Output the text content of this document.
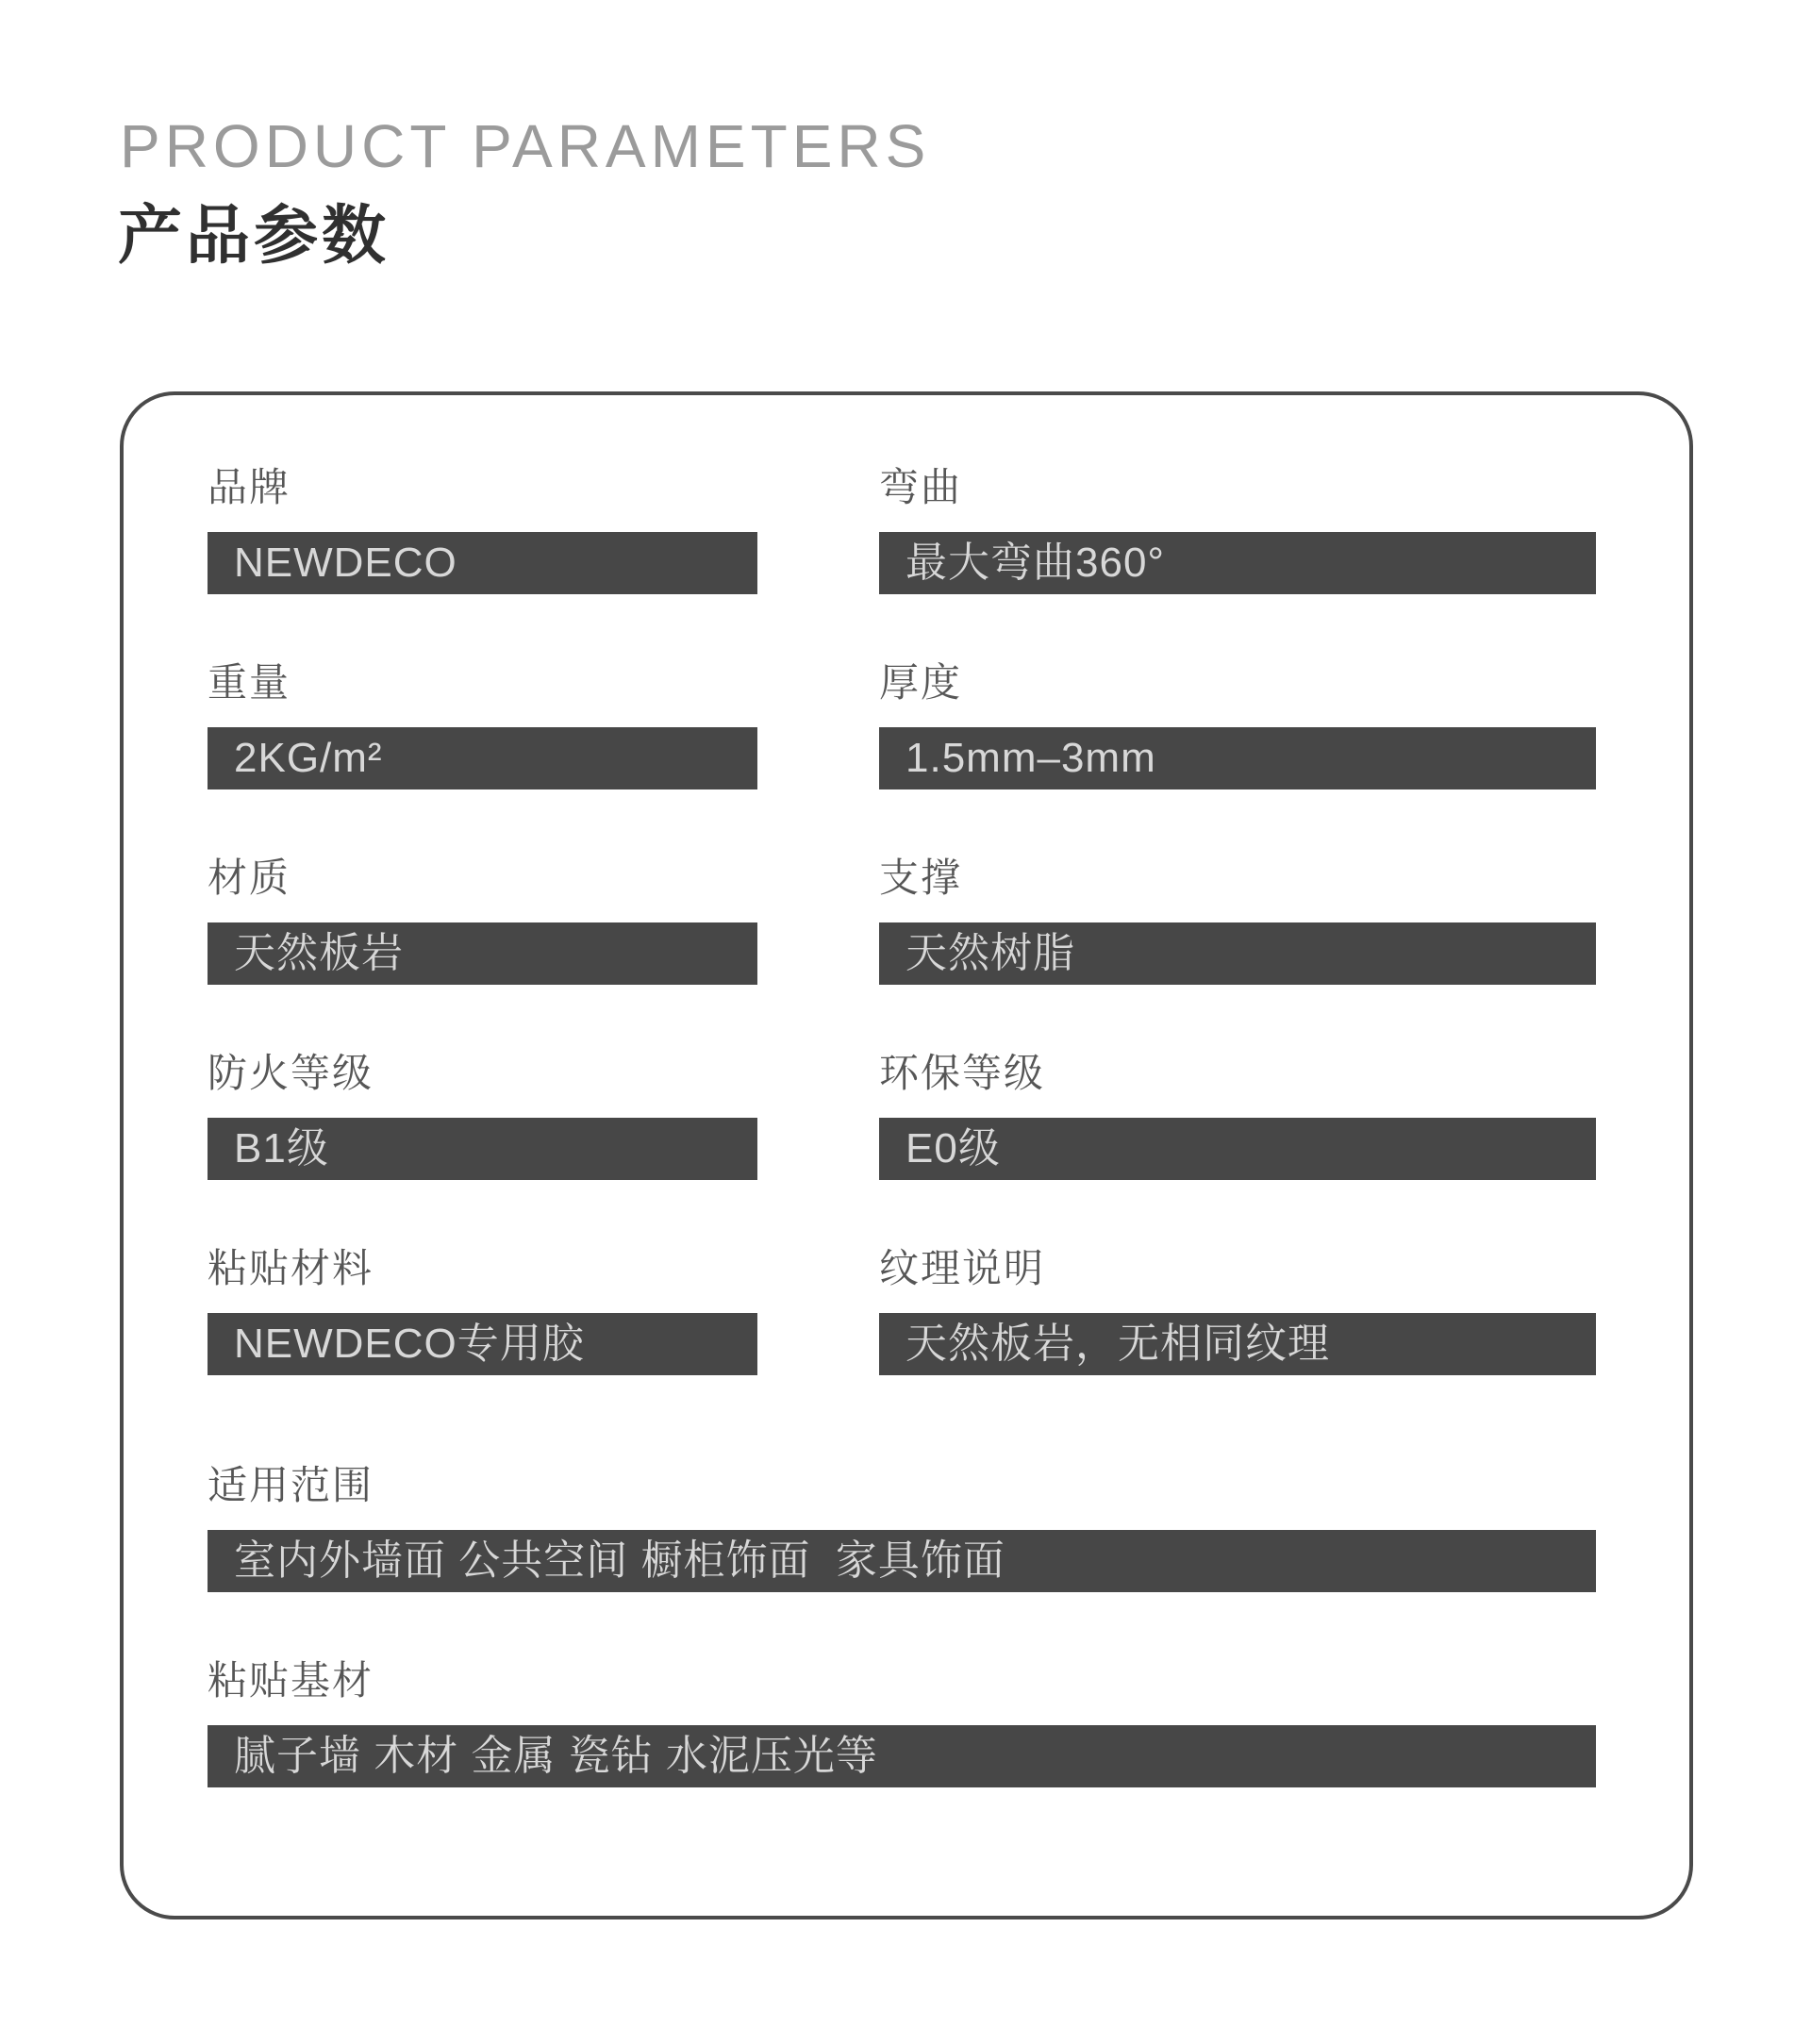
PRODUCT PARAMETERS
产品参数
品牌
NEWDECO
弯曲
最大弯曲360°
重量
2KG/m²
厚度
1.5mm–3mm
材质
天然板岩
支撑
天然树脂
防火等级
B1级
环保等级
E0级
粘贴材料
NEWDECO专用胶
纹理说明
天然板岩，无相同纹理
适用范围
室内外墙面 公共空间 橱柜饰面  家具饰面
粘贴基材
腻子墙 木材 金属 瓷钻 水泥压光等
